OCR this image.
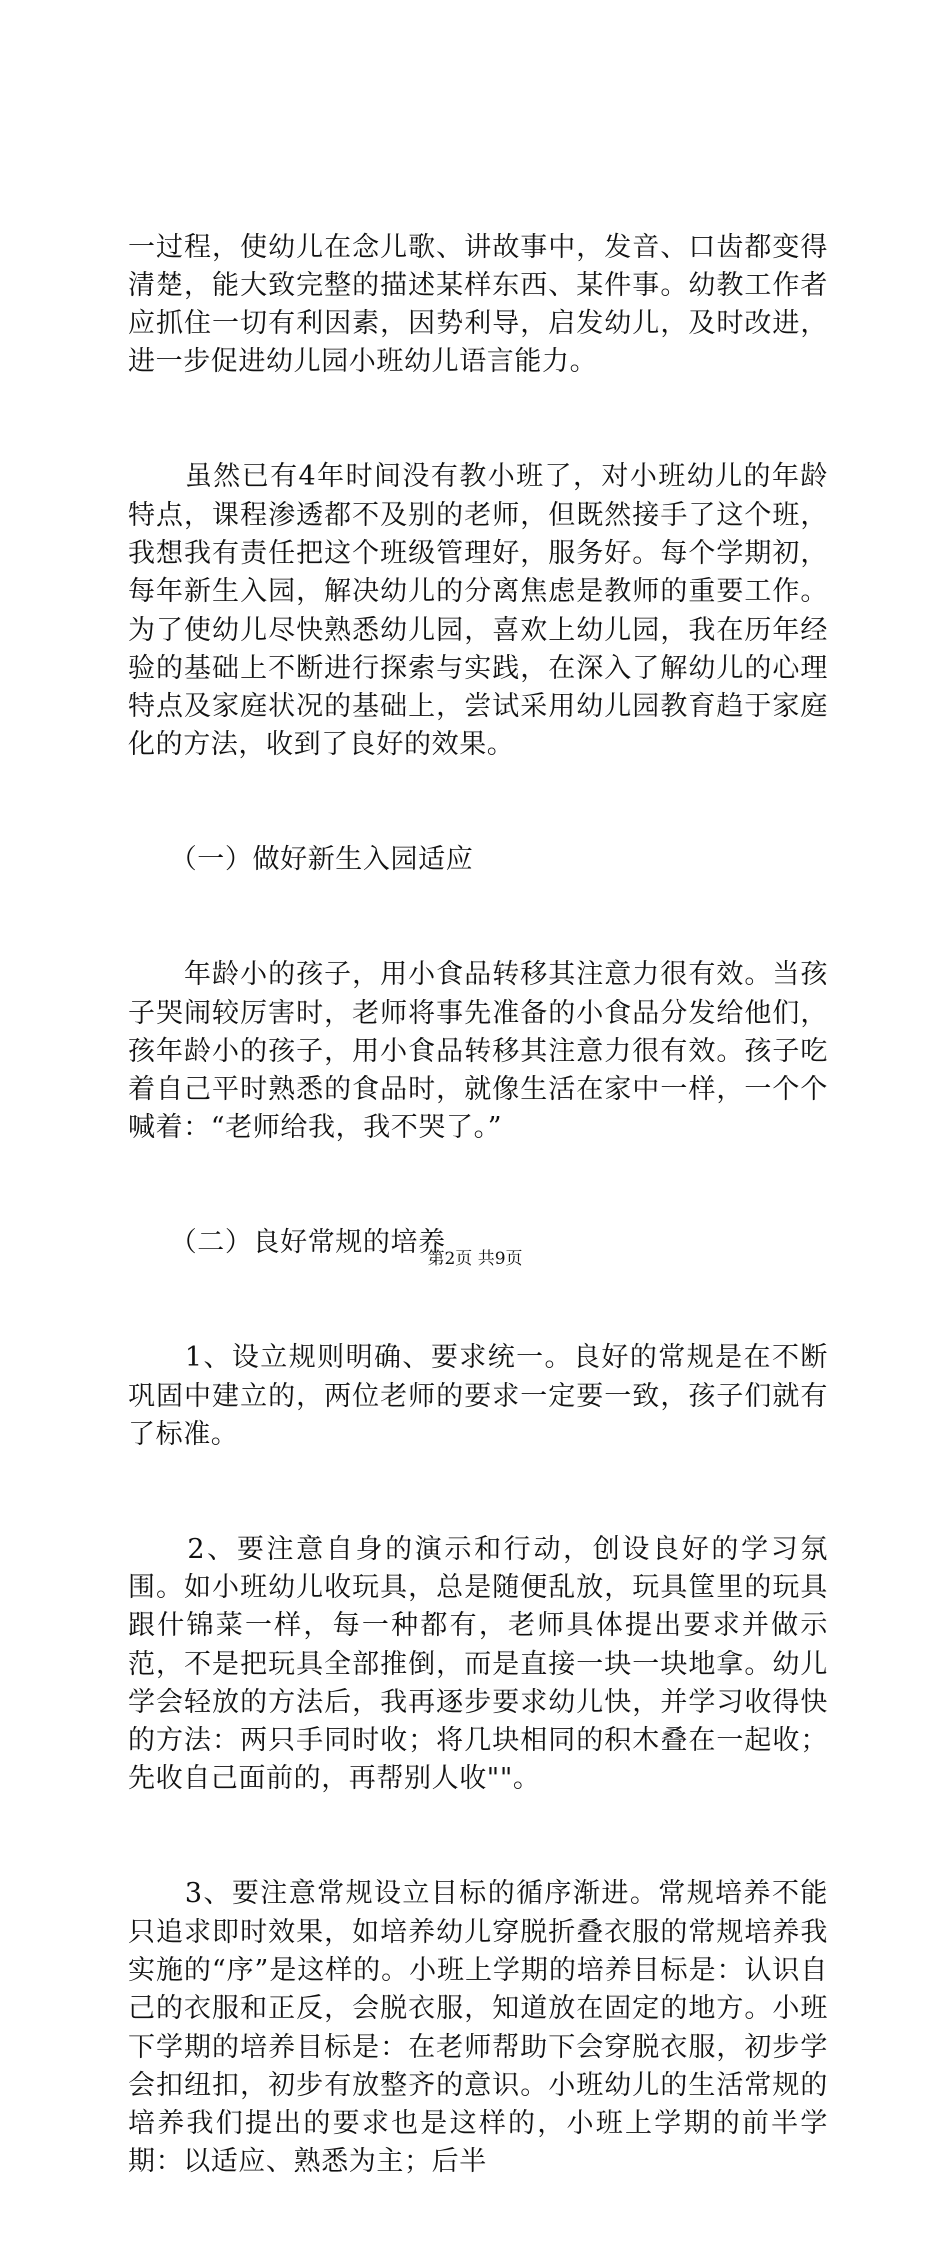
一过程，使幼儿在念儿歌、讲故事中，发音、口齿都变得清楚，能大致完整的描述某样东西、某件事。幼教工作者应抓住一切有利因素，因势利导，启发幼儿，及时改进，进一步促进幼儿园小班幼儿语言能力。

　　虽然已有4年时间没有教小班了，对小班幼儿的年龄特点，课程渗透都不及别的老师，但既然接手了这个班，我想我有责任把这个班级管理好，服务好。每个学期初，每年新生入园，解决幼儿的分离焦虑是教师的重要工作。为了使幼儿尽快熟悉幼儿园，喜欢上幼儿园，我在历年经验的基础上不断进行探索与实践，在深入了解幼儿的心理特点及家庭状况的基础上，尝试采用幼儿园教育趋于家庭化的方法，收到了良好的效果。

　　（一）做好新生入园适应

　　年龄小的孩子，用小食品转移其注意力很有效。当孩子哭闹较厉害时，老师将事先准备的小食品分发给他们，孩年龄小的孩子，用小食品转移其注意力很有效。孩子吃着自己平时熟悉的食品时，就像生活在家中一样，一个个喊着：“老师给我，我不哭了。”

　　（二）良好常规的培养

　　1、设立规则明确、要求统一。良好的常规是在不断巩固中建立的，两位老师的要求一定要一致，孩子们就有了标准。

　　2、要注意自身的演示和行动，创设良好的学习氛围。如小班幼儿收玩具，总是随便乱放，玩具筐里的玩具跟什锦菜一样，每一种都有，老师具体提出要求并做示范，不是把玩具全部推倒，而是直接一块一块地拿。幼儿学会轻放的方法后，我再逐步要求幼儿快，并学习收得快的方法：两只手同时收；将几块相同的积木叠在一起收；先收自己面前的，再帮别人收""。

　　3、要注意常规设立目标的循序渐进。常规培养不能只追求即时效果，如培养幼儿穿脱折叠衣服的常规培养我实施的“序”是这样的。小班上学期的培养目标是：认识自己的衣服和正反，会脱衣服，知道放在固定的地方。小班下学期的培养目标是：在老师帮助下会穿脱衣服，初步学会扣纽扣，初步有放整齐的意识。小班幼儿的生活常规的培养我们提出的要求也是这样的，小班上学期的前半学期：以适应、熟悉为主；后半

第2页 共9页
